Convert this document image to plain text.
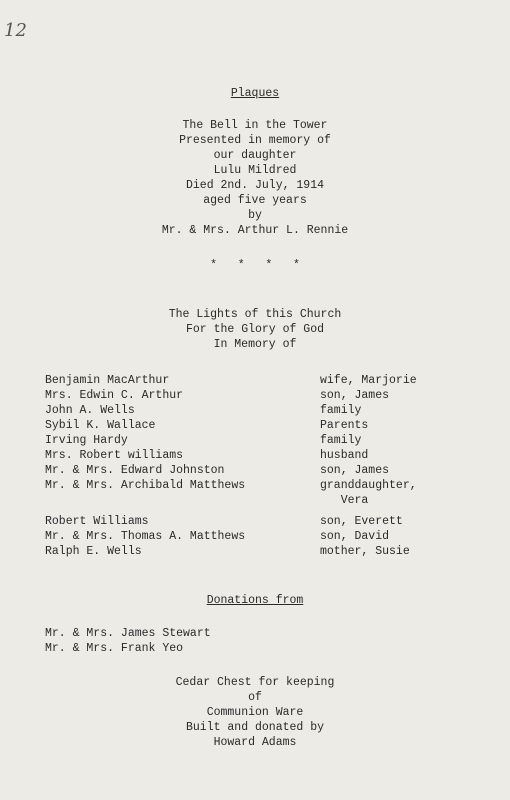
12
Plaques
The Bell in the Tower
Presented in memory of
our daughter
Lulu Mildred
Died 2nd. July, 1914
aged five years
by
Mr. & Mrs. Arthur L. Rennie
*   *   *   *
The Lights of this Church
For the Glory of God
In Memory of
Benjamin MacArthur	wife, Marjorie
Mrs. Edwin C. Arthur	son, James
John A. Wells	family
Sybil K. Wallace	Parents
Irving Hardy	family
Mrs. Robert williams	husband
Mr. & Mrs. Edward Johnston	son, James
Mr. & Mrs. Archibald Matthews	granddaughter,
Vera
Robert Williams	son, Everett
Mr. & Mrs. Thomas A. Matthews	son, David
Ralph E. Wells	mother, Susie
Donations from
Mr. & Mrs. James Stewart
Mr. & Mrs. Frank Yeo
Cedar Chest for keeping
of
Communion Ware
Built and donated by
Howard Adams
